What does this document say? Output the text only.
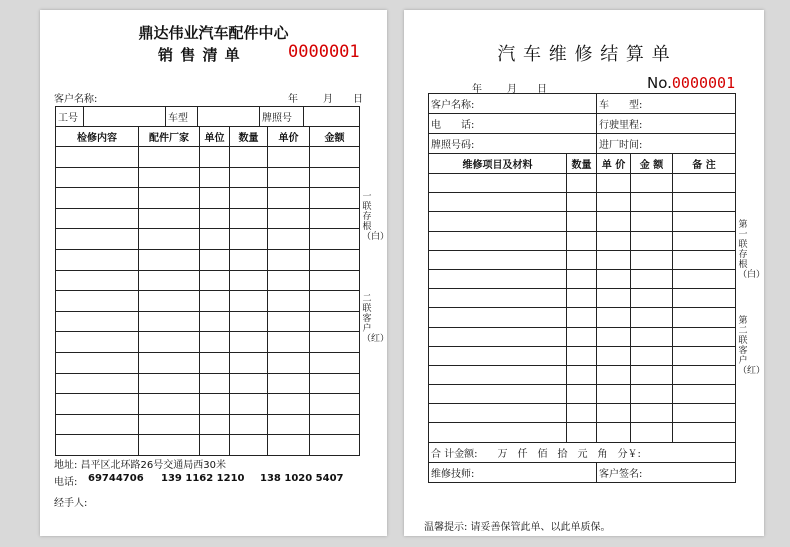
鼎达伟业汽车配件中心
销 售 清 单	0000001
客户名称:	年	月 日
工号		车型		牌照号	
检修内容	配件厂家	单位	数量	单价	金额

一联存根（白）
二联客户（红）
地址: 昌平区北环路26号交通局西30米
电话: 69744706 139 1162 1210 138 1020 5407
经手人:
汽 车 维 修 结 算 单
年	月 日	No.0000001
客户名称:	车　　型:
电　　话:	行驶里程:
牌照号码:	进厂时间:
维修项目及材料	数量	单 价	金 额	备 注

合 计金额:　　万　仟　佰　拾　元　角　分￥:				
维修技师:		客户签名:		
第一联存根（白）
第二联客户（红）
温馨提示: 请妥善保管此单、以此单质保。
